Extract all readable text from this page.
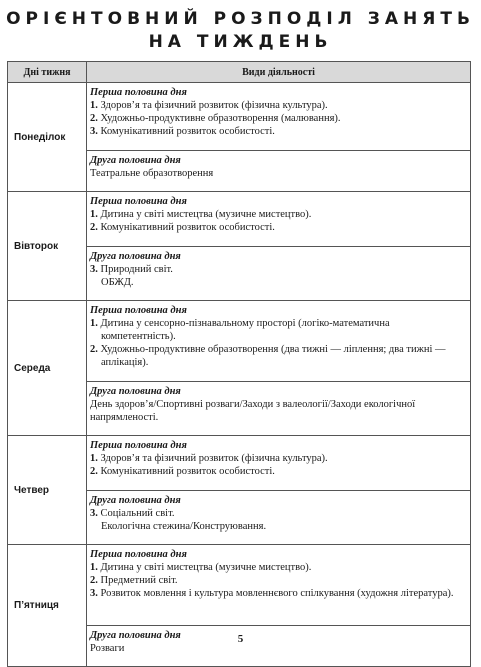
ОРІЄНТОВНИЙ РОЗПОДІЛ ЗАНЯТЬ
НА ТИЖДЕНЬ
Дні тижня	Види діяльності
Понеділок	Перша половина дня
1. Здоров’я та фізичний розвиток (фізична культура).
2. Художньо-продуктивне образотворення (малювання).
3. Комунікативний розвиток особистості.

	Друга половина дня
Театральне образотворення

Вівторок	Перша половина дня
1. Дитина у світі мистецтва (музичне мистецтво).
2. Комунікативний розвиток особистості.

	Друга половина дня
3. Природний світ.
ОБЖД.

Середа	Перша половина дня
1. Дитина у сенсорно-пізнавальному просторі (логіко-математична компетентність).
2. Художньо-продуктивне образотворення (два тижні — ліплення; два тижні — аплікація).

	Друга половина дня
День здоров’я/Спортивні розваги/Заходи з валеології/Заходи екологічної напрямленості.

Четвер	Перша половина дня
1. Здоров’я та фізичний розвиток (фізична культура).
2. Комунікативний розвиток особистості.

	Друга половина дня
3. Соціальний світ.
Екологічна стежина/Конструювання.

П’ятниця	Перша половина дня
1. Дитина у світі мистецтва (музичне мистецтво).
2. Предметний світ.
3. Розвиток мовлення і культура мовленнєвого спілкування (художня література).

	Друга половина дня
Розваги
5
